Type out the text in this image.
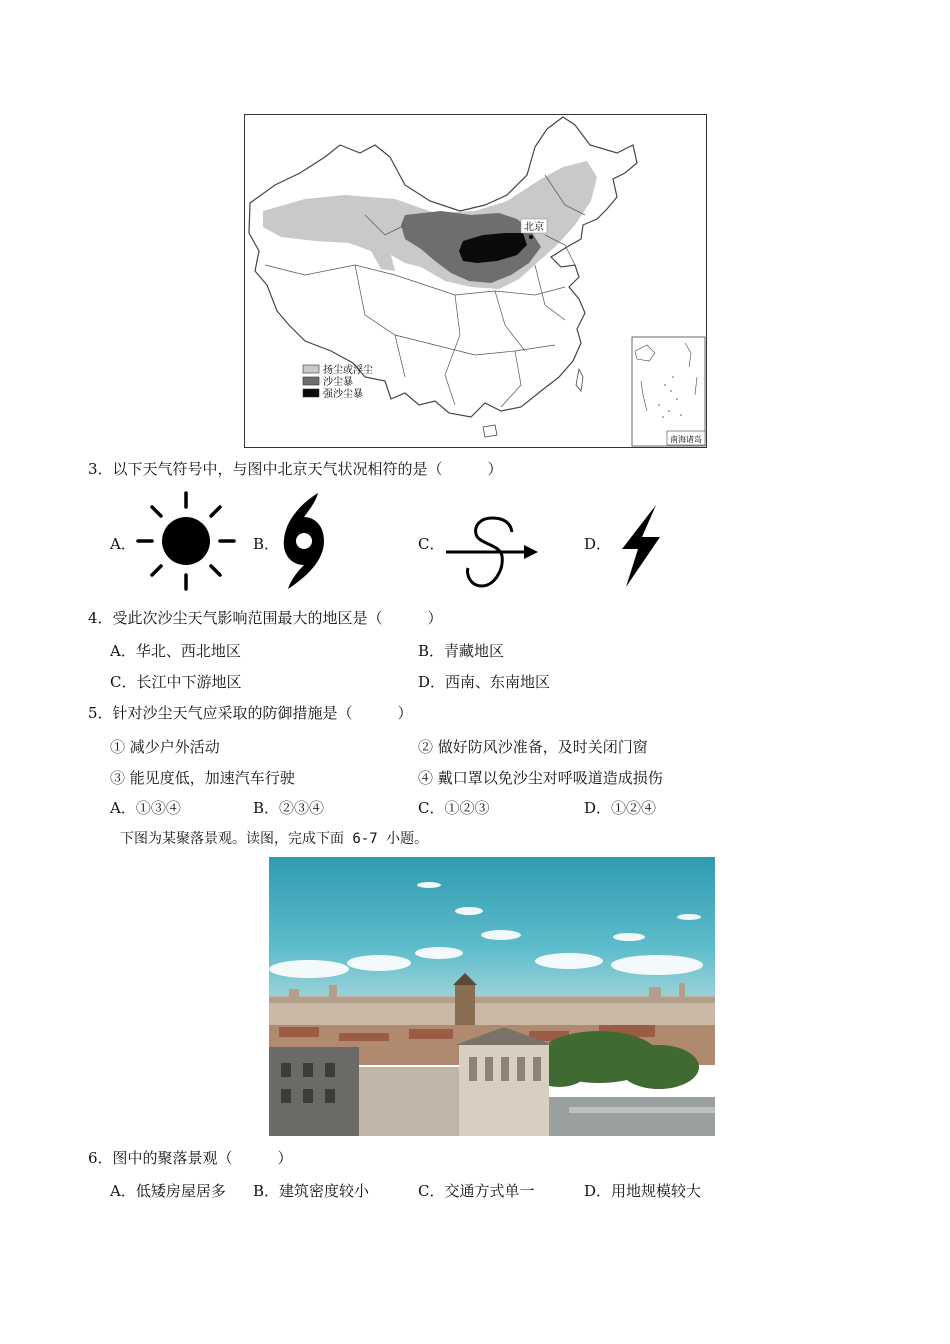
北京
扬尘或浮尘
沙尘暴
强沙尘暴
南海诸岛
3．以下天气符号中，与图中北京天气状况相符的是（　　　）
A．	B．	C．	D．
4．受此次沙尘天气影响范围最大的地区是（　　　）
A．华北、西北地区	B．青藏地区
C．长江中下游地区	D．西南、东南地区
5．针对沙尘天气应采取的防御措施是（　　　）
① 减少户外活动	② 做好防风沙准备，及时关闭门窗
③ 能见度低，加速汽车行驶	④ 戴口罩以免沙尘对呼吸道造成损伤
A．①③④	B．②③④	C．①②③	D．①②④
下图为某聚落景观。读图，完成下面 6-7 小题。
6．图中的聚落景观（　　　）
A．低矮房屋居多 B．建筑密度较小	C．交通方式单一	D．用地规模较大
